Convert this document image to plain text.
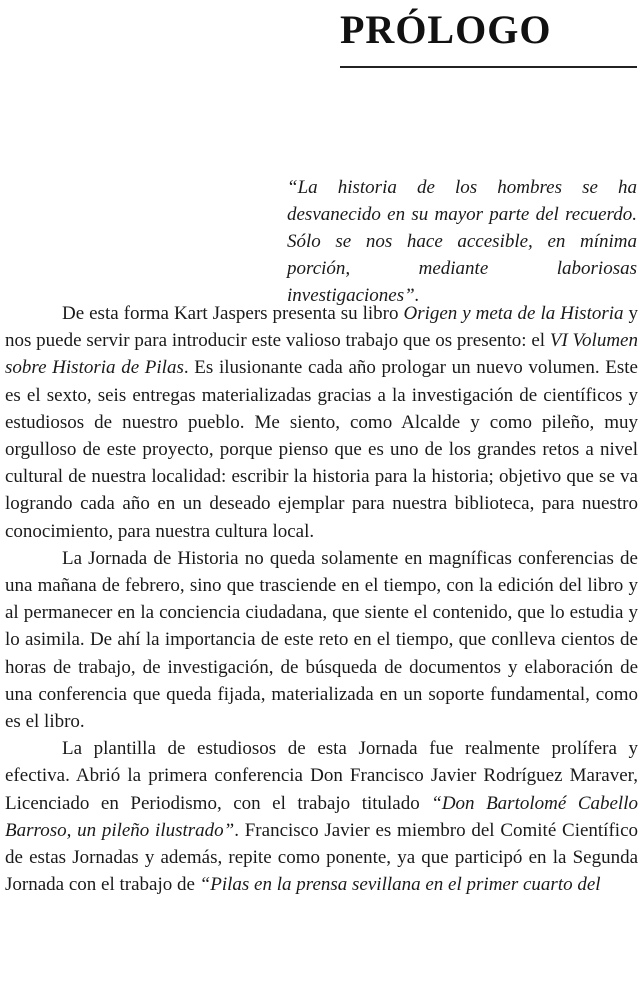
PRÓLOGO

“La historia de los hombres se ha desvanecido en su mayor parte del recuerdo. Sólo se nos hace accesible, en mínima porción, mediante laboriosas investigaciones”.

De esta forma Kart Jaspers presenta su libro Origen y meta de la Historia y nos puede servir para introducir este valioso trabajo que os presento: el VI Volumen sobre Historia de Pilas. Es ilusionante cada año prologar un nuevo volumen. Este es el sexto, seis entregas materializadas gracias a la investigación de científicos y estudiosos de nuestro pueblo. Me siento, como Alcalde y como pileño, muy orgulloso de este proyecto, porque pienso que es uno de los grandes retos a nivel cultural de nuestra localidad: escribir la historia para la historia; objetivo que se va logrando cada año en un deseado ejemplar para nuestra biblioteca, para nuestro conocimiento, para nuestra cultura local.

La Jornada de Historia no queda solamente en magníficas conferencias de una mañana de febrero, sino que trasciende en el tiempo, con la edición del libro y al permanecer en la conciencia ciudadana, que siente el contenido, que lo estudia y lo asimila. De ahí la importancia de este reto en el tiempo, que conlleva cientos de horas de trabajo, de investigación, de búsqueda de documentos y elaboración de una conferencia que queda fijada, materializada en un soporte fundamental, como es el libro.

La plantilla de estudiosos de esta Jornada fue realmente prolífera y efectiva. Abrió la primera conferencia Don Francisco Javier Rodríguez Maraver, Licenciado en Periodismo, con el trabajo titulado “Don Bartolomé Cabello Barroso, un pileño ilustrado”. Francisco Javier es miembro del Comité Científico de estas Jornadas y además, repite como ponente, ya que participó en la Segunda Jornada con el trabajo de “Pilas en la prensa sevillana en el primer cuarto del
